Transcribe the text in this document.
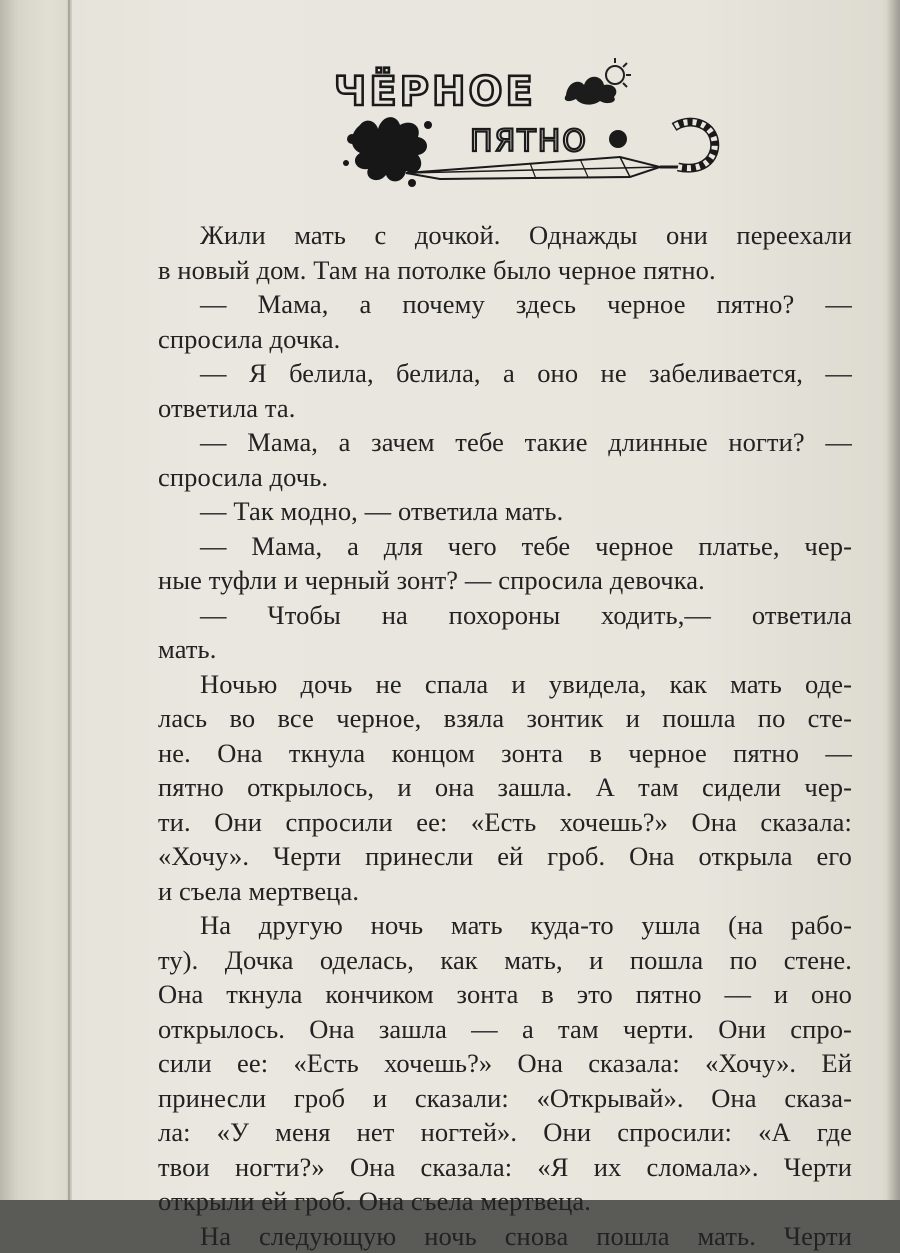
ЧЁРНОЕ
ПЯТНО
Жили мать с дочкой. Однажды они переехали
в новый дом. Там на потолке было черное пятно.
— Мама, а почему здесь черное пятно? —
спросила дочка.
— Я белила, белила, а оно не забеливается, —
ответила та.
— Мама, а зачем тебе такие длинные ногти? —
спросила дочь.
— Так модно, — ответила мать.
— Мама, а для чего тебе черное платье, чер-
ные туфли и черный зонт? — спросила девочка.
— Чтобы на похороны ходить,— ответила
мать.
Ночью дочь не спала и увидела, как мать оде-
лась во все черное, взяла зонтик и пошла по сте-
не. Она ткнула концом зонта в черное пятно —
пятно открылось, и она зашла. А там сидели чер-
ти. Они спросили ее: «Есть хочешь?» Она сказала:
«Хочу». Черти принесли ей гроб. Она открыла его
и съела мертвеца.
На другую ночь мать куда-то ушла (на рабо-
ту). Дочка оделась, как мать, и пошла по стене.
Она ткнула кончиком зонта в это пятно — и оно
открылось. Она зашла — а там черти. Они спро-
сили ее: «Есть хочешь?» Она сказала: «Хочу». Ей
принесли гроб и сказали: «Открывай». Она сказа-
ла: «У меня нет ногтей». Они спросили: «А где
твои ногти?» Она сказала: «Я их сломала». Черти
открыли ей гроб. Она съела мертвеца.
На следующую ночь снова пошла мать. Черти
